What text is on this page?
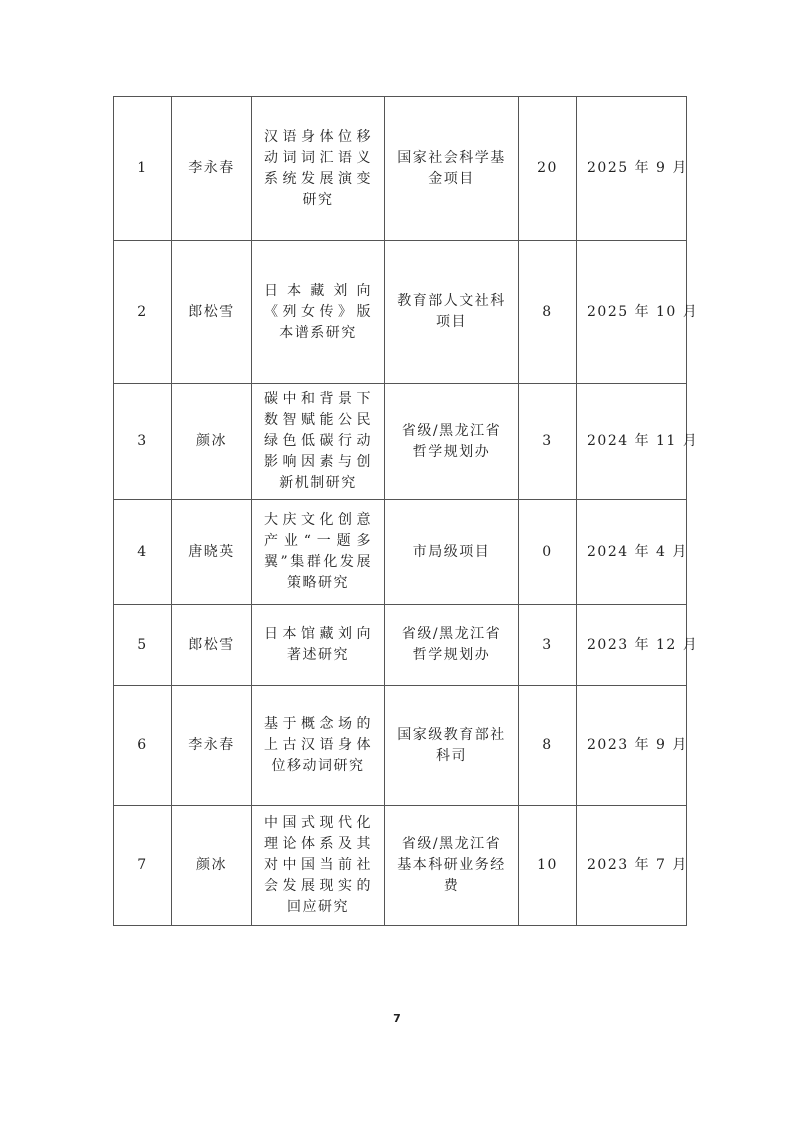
1	李永春	汉语身体位移动词词汇语义系统发展演变研究	国家社会科学基金项目	20	2025 年 9 月
2	郎松雪	日本藏刘向《列女传》版本谱系研究	教育部人文社科项目	8	2025 年 10 月
3	颜冰	碳中和背景下数智赋能公民绿色低碳行动影响因素与创新机制研究	省级/黑龙江省哲学规划办	3	2024 年 11 月
4	唐晓英	大庆文化创意产业“一题多翼”集群化发展策略研究	市局级项目	0	2024 年 4 月
5	郎松雪	日本馆藏刘向著述研究	省级/黑龙江省哲学规划办	3	2023 年 12 月
6	李永春	基于概念场的上古汉语身体位移动词研究	国家级教育部社科司	8	2023 年 9 月
7	颜冰	中国式现代化理论体系及其对中国当前社会发展现实的回应研究	省级/黑龙江省基本科研业务经费	10	2023 年 7 月
7
